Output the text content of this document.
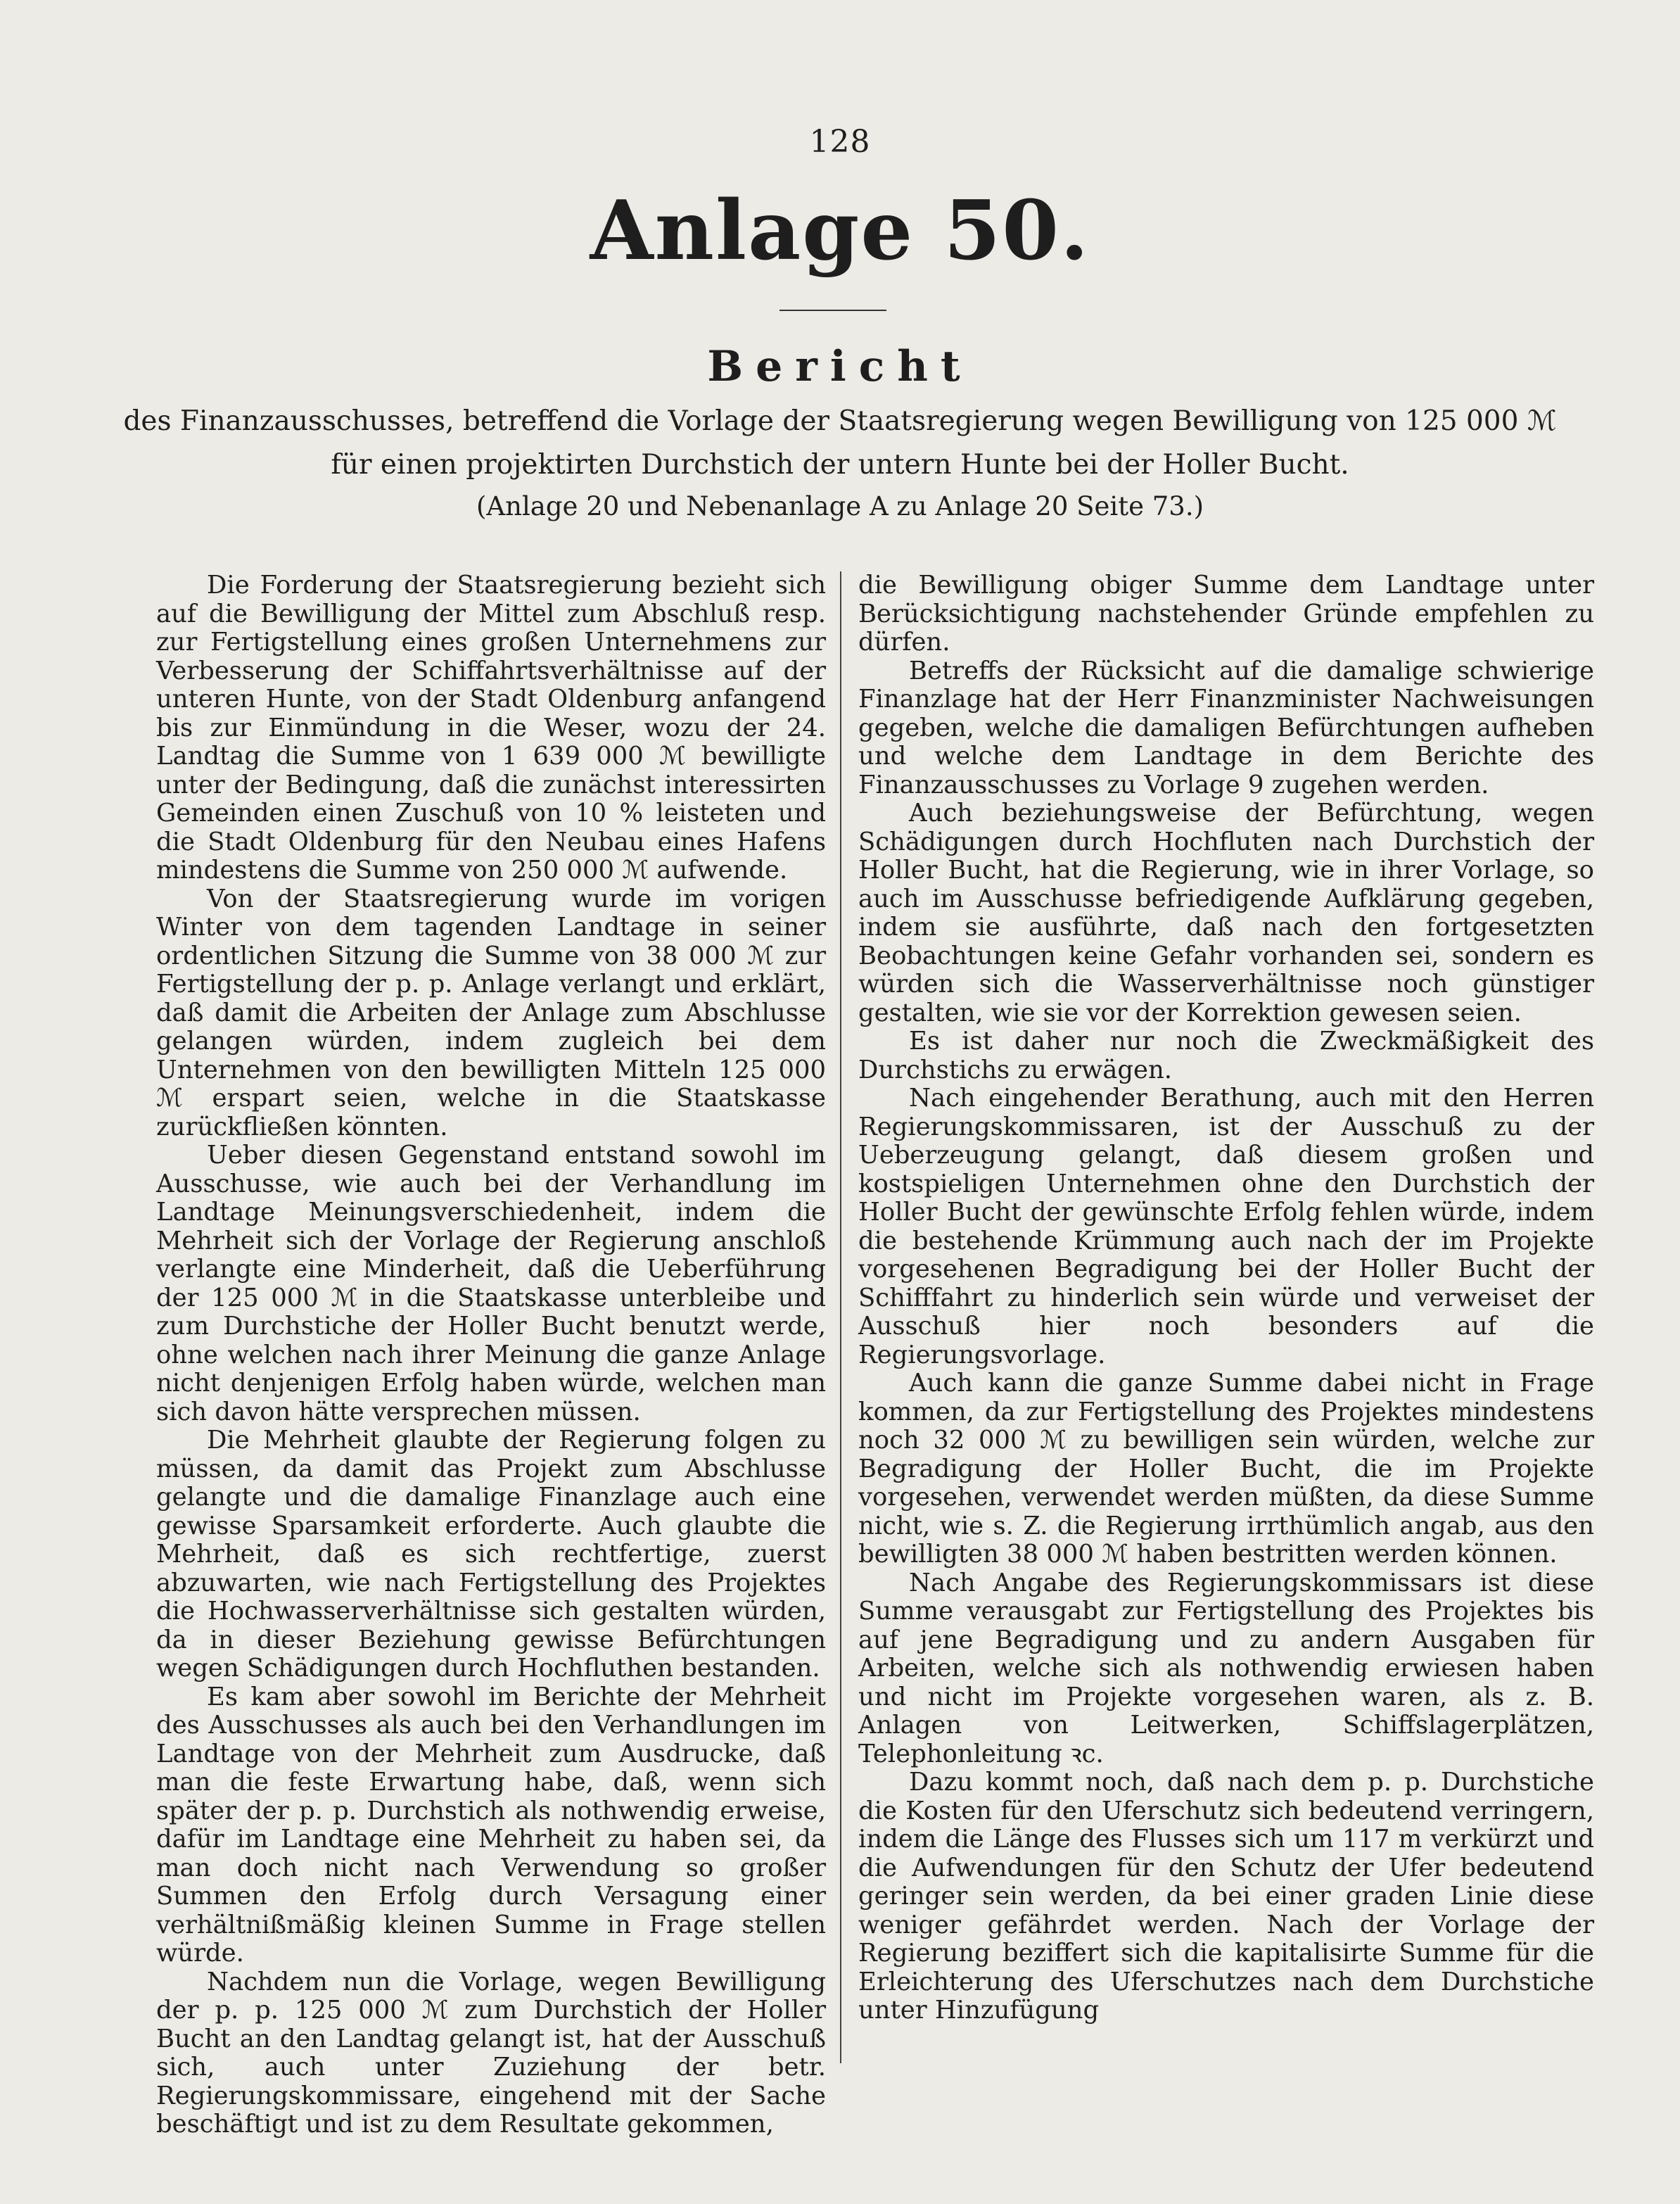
128
Anlage 50.
Bericht
des Finanzausschusses, betreffend die Vorlage der Staatsregierung wegen Bewilligung von 125 000 ℳ
für einen projektirten Durchstich der untern Hunte bei der Holler Bucht.
(Anlage 20 und Nebenanlage A zu Anlage 20 Seite 73.)

Die Forderung der Staatsregierung bezieht sich auf die Bewilligung der Mittel zum Abschluß resp. zur Fertigstellung eines großen Unternehmens zur Verbesserung der Schiffahrtsverhältnisse auf der unteren Hunte, von der Stadt Oldenburg anfangend bis zur Einmündung in die Weser, wozu der 24. Landtag die Summe von 1 639 000 ℳ bewilligte unter der Bedingung, daß die zunächst interessirten Gemeinden einen Zuschuß von 10 % leisteten und die Stadt Oldenburg für den Neubau eines Hafens mindestens die Summe von 250 000 ℳ aufwende.

Von der Staatsregierung wurde im vorigen Winter von dem tagenden Landtage in seiner ordentlichen Sitzung die Summe von 38 000 ℳ zur Fertigstellung der p. p. Anlage verlangt und erklärt, daß damit die Arbeiten der Anlage zum Abschlusse gelangen würden, indem zugleich bei dem Unternehmen von den bewilligten Mitteln 125 000 ℳ erspart seien, welche in die Staatskasse zurückfließen könnten.

Ueber diesen Gegenstand entstand sowohl im Ausschusse, wie auch bei der Verhandlung im Landtage Meinungsverschiedenheit, indem die Mehrheit sich der Vorlage der Regierung anschloß verlangte eine Minderheit, daß die Ueberführung der 125 000 ℳ in die Staatskasse unterbleibe und zum Durchstiche der Holler Bucht benutzt werde, ohne welchen nach ihrer Meinung die ganze Anlage nicht denjenigen Erfolg haben würde, welchen man sich davon hätte versprechen müssen.

Die Mehrheit glaubte der Regierung folgen zu müssen, da damit das Projekt zum Abschlusse gelangte und die damalige Finanzlage auch eine gewisse Sparsamkeit erforderte. Auch glaubte die Mehrheit, daß es sich rechtfertige, zuerst abzuwarten, wie nach Fertigstellung des Projektes die Hochwasserverhältnisse sich gestalten würden, da in dieser Beziehung gewisse Befürchtungen wegen Schädigungen durch Hochfluthen bestanden.

Es kam aber sowohl im Berichte der Mehrheit des Ausschusses als auch bei den Verhandlungen im Landtage von der Mehrheit zum Ausdrucke, daß man die feste Erwartung habe, daß, wenn sich später der p. p. Durchstich als nothwendig erweise, dafür im Landtage eine Mehrheit zu haben sei, da man doch nicht nach Verwendung so großer Summen den Erfolg durch Versagung einer verhältnißmäßig kleinen Summe in Frage stellen würde.

Nachdem nun die Vorlage, wegen Bewilligung der p. p. 125 000 ℳ zum Durchstich der Holler Bucht an den Landtag gelangt ist, hat der Ausschuß sich, auch unter Zuziehung der betr. Regierungskommissare, eingehend mit der Sache beschäftigt und ist zu dem Resultate gekommen,

die Bewilligung obiger Summe dem Landtage unter Berücksichtigung nachstehender Gründe empfehlen zu dürfen.

Betreffs der Rücksicht auf die damalige schwierige Finanzlage hat der Herr Finanzminister Nachweisungen gegeben, welche die damaligen Befürchtungen aufheben und welche dem Landtage in dem Berichte des Finanzausschusses zu Vorlage 9 zugehen werden.

Auch beziehungsweise der Befürchtung, wegen Schädigungen durch Hochfluten nach Durchstich der Holler Bucht, hat die Regierung, wie in ihrer Vorlage, so auch im Ausschusse befriedigende Aufklärung gegeben, indem sie ausführte, daß nach den fortgesetzten Beobachtungen keine Gefahr vorhanden sei, sondern es würden sich die Wasserverhältnisse noch günstiger gestalten, wie sie vor der Korrektion gewesen seien.

Es ist daher nur noch die Zweckmäßigkeit des Durchstichs zu erwägen.

Nach eingehender Berathung, auch mit den Herren Regierungskommissaren, ist der Ausschuß zu der Ueberzeugung gelangt, daß diesem großen und kostspieligen Unternehmen ohne den Durchstich der Holler Bucht der gewünschte Erfolg fehlen würde, indem die bestehende Krümmung auch nach der im Projekte vorgesehenen Begradigung bei der Holler Bucht der Schifffahrt zu hinderlich sein würde und verweiset der Ausschuß hier noch besonders auf die Regierungsvorlage.

Auch kann die ganze Summe dabei nicht in Frage kommen, da zur Fertigstellung des Projektes mindestens noch 32 000 ℳ zu bewilligen sein würden, welche zur Begradigung der Holler Bucht, die im Projekte vorgesehen, verwendet werden müßten, da diese Summe nicht, wie s. Z. die Regierung irrthümlich angab, aus den bewilligten 38 000 ℳ haben bestritten werden können.

Nach Angabe des Regierungskommissars ist diese Summe verausgabt zur Fertigstellung des Projektes bis auf jene Begradigung und zu andern Ausgaben für Arbeiten, welche sich als nothwendig erwiesen haben und nicht im Projekte vorgesehen waren, als z. B. Anlagen von Leitwerken, Schiffslagerplätzen, Telephonleitung ꝛc.

Dazu kommt noch, daß nach dem p. p. Durchstiche die Kosten für den Uferschutz sich bedeutend verringern, indem die Länge des Flusses sich um 117 m verkürzt und die Aufwendungen für den Schutz der Ufer bedeutend geringer sein werden, da bei einer graden Linie diese weniger gefährdet werden. Nach der Vorlage der Regierung beziffert sich die kapitalisirte Summe für die Erleichterung des Uferschutzes nach dem Durchstiche unter Hinzufügung
